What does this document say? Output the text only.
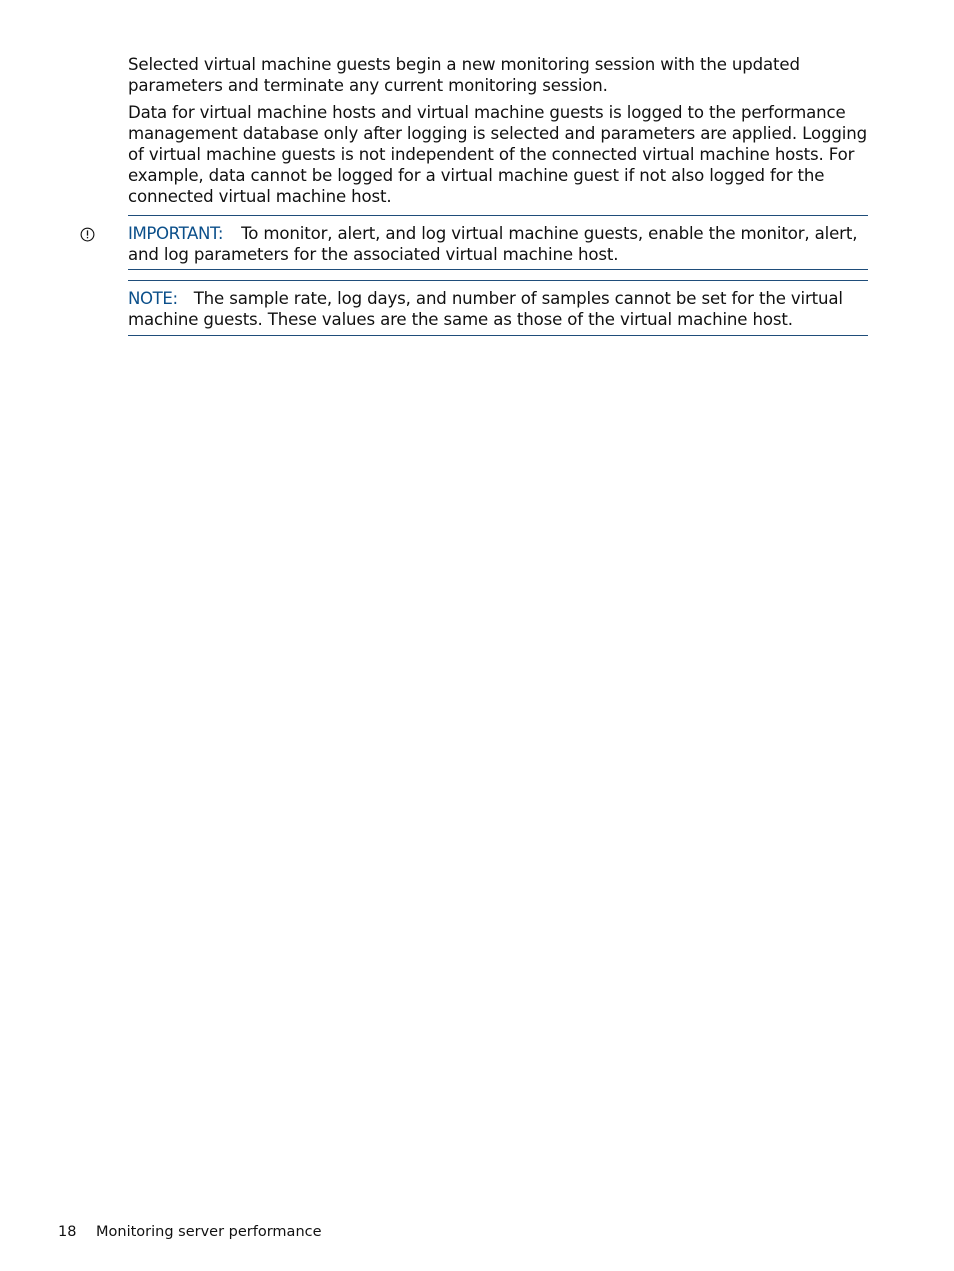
Selected virtual machine guests begin a new monitoring session with the updated parameters and terminate any current monitoring session.

Data for virtual machine hosts and virtual machine guests is logged to the performance management database only after logging is selected and parameters are applied. Logging of virtual machine guests is not independent of the connected virtual machine hosts. For example, data cannot be logged for a virtual machine guest if not also logged for the connected virtual machine host.

IMPORTANT: To monitor, alert, and log virtual machine guests, enable the monitor, alert, and log parameters for the associated virtual machine host.
NOTE: The sample rate, log days, and number of samples cannot be set for the virtual machine guests. These values are the same as those of the virtual machine host.
18 Monitoring server performance
